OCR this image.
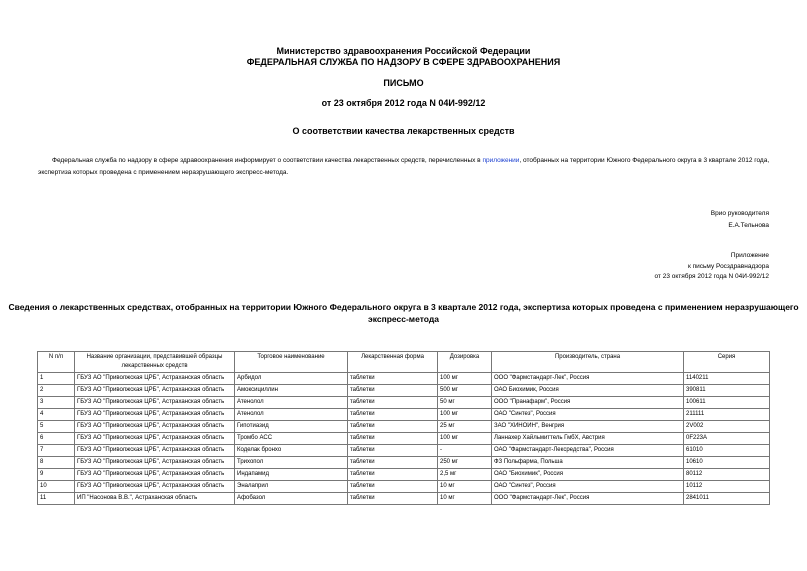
Министерство здравоохранения Российской Федерации
ФЕДЕРАЛЬНАЯ СЛУЖБА ПО НАДЗОРУ В СФЕРЕ ЗДРАВООХРАНЕНИЯ
ПИСЬМО
от 23 октября 2012 года N 04И-992/12
О соответствии качества лекарственных средств
Федеральная служба по надзору в сфере здравоохранения информирует о соответствии качества лекарственных средств, перечисленных в приложении, отобранных на территории Южного Федерального округа в 3 квартале 2012 года, экспертиза которых проведена с применением неразрушающего экспресс-метода.
Врио руководителя
Е.А.Тельнова
Приложение
к письму Росздравнадзора
от 23 октября 2012 года N 04И-992/12
Сведения о лекарственных средствах, отобранных на территории Южного Федерального округа в 3 квартале 2012 года, экспертиза которых проведена с применением неразрушающего экспресс-метода
N п/п	Название организации, представившей образцы лекарственных средств	Торговое наименование	Лекарственная форма	Дозировка	Производитель, страна	Серия
1	ГБУЗ АО "Приволжская ЦРБ", Астраханская область	Арбидол	таблетки	100 мг	ООО "Фармстандарт-Лек", Россия	1140211
2	ГБУЗ АО "Приволжская ЦРБ", Астраханская область	Амоксициллин	таблетки	500 мг	ОАО Биохимик, Россия	390811
3	ГБУЗ АО "Приволжская ЦРБ", Астраханская область	Атенолол	таблетки	50 мг	ООО "Пранафарм", Россия	100611
4	ГБУЗ АО "Приволжская ЦРБ", Астраханская область	Атенолол	таблетки	100 мг	ОАО "Синтез", Россия	211111
5	ГБУЗ АО "Приволжская ЦРБ", Астраханская область	Гипотиазид	таблетки	25 мг	ЗАО "ХИНОИН", Венгрия	2V002
6	ГБУЗ АО "Приволжская ЦРБ", Астраханская область	Тромбо АСС	таблетки	100 мг	Ланнахер Хайльмиттель ГмбХ, Австрия	0F223A
7	ГБУЗ АО "Приволжская ЦРБ", Астраханская область	Коделак бронхо	таблетки	-	ОАО "Фармстандарт-Лексредства", Россия	61010
8	ГБУЗ АО "Приволжская ЦРБ", Астраханская область	Трихопол	таблетки	250 мг	ФЗ Польфарма, Польша	10610
9	ГБУЗ АО "Приволжская ЦРБ", Астраханская область	Индапамид	таблетки	2,5 мг	ОАО "Биохимик", Россия	80112
10	ГБУЗ АО "Приволжская ЦРБ", Астраханская область	Эналаприл	таблетки	10 мг	ОАО "Синтез", Россия	10112
11	ИП "Насонова В.В.", Астраханская область	Афобазол	таблетки	10 мг	ООО "Фармстандарт-Лек", Россия	2841011
